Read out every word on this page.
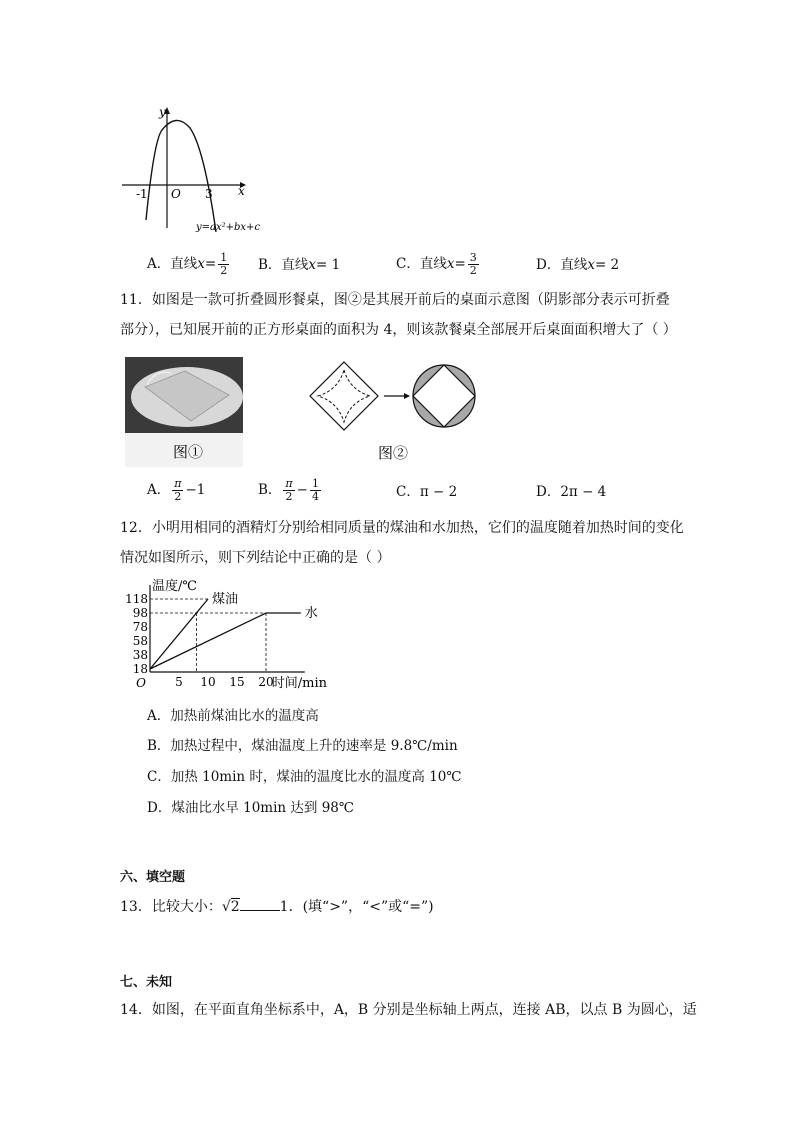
y
x
-1 O 3
y=ax²+bx+c
A．直线$x= \frac{1}{2}$ B．直线x= 1	C．直线$x= \frac{3}{2}$	D．直线x= 2
11．如图是一款可折叠圆形餐桌，图②是其展开前后的桌面示意图（阴影部分表示可折叠
部分），已知展开前的正方形桌面的面积为 4，则该款餐桌全部展开后桌面面积增大了（ ）
图①	图②
A． $\frac{\pi}{2} -1$	B． $\frac{\pi}{2} - \frac{1}{4}$	C．π − 2	D．2π − 4
12．小明用相同的酒精灯分别给相同质量的煤油和水加热，它们的温度随着加热时间的变化
情况如图所示，则下列结论中正确的是（ ）
18
38
58
78
98
118
5 10 15 20
O
温度/℃
时间/min
煤油
水
A．加热前煤油比水的温度高
B．加热过程中，煤油温度上升的速率是 9.8℃/min
C．加热 10min 时，煤油的温度比水的温度高 10℃
D．煤油比水早 10min 达到 98℃
六、填空题
13．比较大小：√2	1．(填“>”，“<”或“=”)
七、未知
14．如图，在平面直角坐标系中，A，B 分别是坐标轴上两点，连接 AB，以点 B 为圆心，适
